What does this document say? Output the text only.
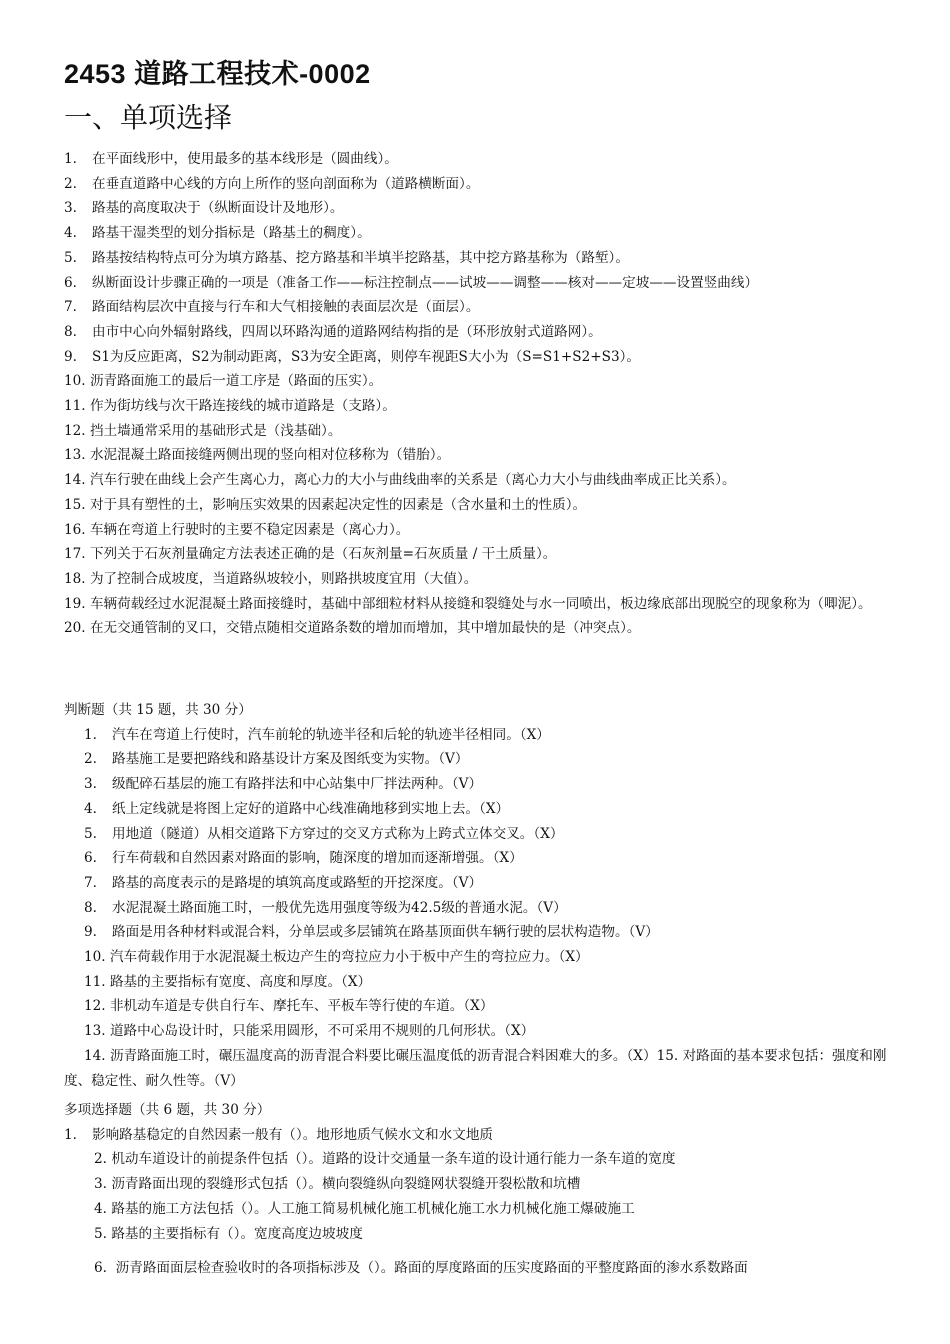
2453 道路工程技术-0002
一、单项选择
1. 在平面线形中，使用最多的基本线形是（圆曲线）。
2. 在垂直道路中心线的方向上所作的竖向剖面称为（道路横断面）。
3. 路基的高度取决于（纵断面设计及地形）。
4. 路基干湿类型的划分指标是（路基土的稠度）。
5. 路基按结构特点可分为填方路基、挖方路基和半填半挖路基，其中挖方路基称为（路堑）。
6. 纵断面设计步骤正确的一项是（准备工作——标注控制点——试坡——调整——核对——定坡——设置竖曲线）
7. 路面结构层次中直接与行车和大气相接触的表面层次是（面层）。
8. 由市中心向外辐射路线，四周以环路沟通的道路网结构指的是（环形放射式道路网）。
9. S1为反应距离，S2为制动距离，S3为安全距离，则停车视距S大小为（S=S1+S2+S3）。
10. 沥青路面施工的最后一道工序是（路面的压实）。
11. 作为街坊线与次干路连接线的城市道路是（支路）。
12. 挡土墙通常采用的基础形式是（浅基础）。
13. 水泥混凝土路面接缝两侧出现的竖向相对位移称为（错胎）。
14. 汽车行驶在曲线上会产生离心力，离心力的大小与曲线曲率的关系是（离心力大小与曲线曲率成正比关系）。
15. 对于具有塑性的土，影响压实效果的因素起决定性的因素是（含水量和土的性质）。
16. 车辆在弯道上行驶时的主要不稳定因素是（离心力）。
17. 下列关于石灰剂量确定方法表述正确的是（石灰剂量=石灰质量 / 干土质量）。
18. 为了控制合成坡度，当道路纵坡较小，则路拱坡度宜用（大值）。
19. 车辆荷载经过水泥混凝土路面接缝时，基础中部细粒材料从接缝和裂缝处与水一同喷出，板边缘底部出现脱空的现象称为（唧泥）。
20. 在无交通管制的叉口，交错点随相交道路条数的增加而增加，其中增加最快的是（冲突点）。
判断题（共 15 题，共 30 分）
1. 汽车在弯道上行使时，汽车前轮的轨迹半径和后轮的轨迹半径相同。（X）
2. 路基施工是要把路线和路基设计方案及图纸变为实物。（V）
3. 级配碎石基层的施工有路拌法和中心站集中厂拌法两种。（V）
4. 纸上定线就是将图上定好的道路中心线准确地移到实地上去。（X）
5. 用地道（隧道）从相交道路下方穿过的交叉方式称为上跨式立体交叉。（X）
6. 行车荷载和自然因素对路面的影响，随深度的增加而逐渐增强。（X）
7. 路基的高度表示的是路堤的填筑高度或路堑的开挖深度。（V）
8. 水泥混凝土路面施工时，一般优先选用强度等级为42.5级的普通水泥。（V）
9. 路面是用各种材料或混合料，分单层或多层铺筑在路基顶面供车辆行驶的层状构造物。（V）
10. 汽车荷载作用于水泥混凝土板边产生的弯拉应力小于板中产生的弯拉应力。（X）
11. 路基的主要指标有宽度、高度和厚度。（X）
12. 非机动车道是专供自行车、摩托车、平板车等行使的车道。（X）
13. 道路中心岛设计时，只能采用圆形，不可采用不规则的几何形状。（X）
14. 沥青路面施工时，碾压温度高的沥青混合料要比碾压温度低的沥青混合料困难大的多。（X）15. 对路面的基本要求包括：强度和刚度、稳定性、耐久性等。（V）
多项选择题（共 6 题，共 30 分）
1. 影响路基稳定的自然因素一般有（）。地形地质气候水文和水文地质
2. 机动车道设计的前提条件包括（）。道路的设计交通量一条车道的设计通行能力一条车道的宽度
3. 沥青路面出现的裂缝形式包括（）。横向裂缝纵向裂缝网状裂缝开裂松散和坑槽
4. 路基的施工方法包括（）。人工施工简易机械化施工机械化施工水力机械化施工爆破施工
5. 路基的主要指标有（）。宽度高度边坡坡度
6. 沥青路面面层检查验收时的各项指标涉及（）。路面的厚度路面的压实度路面的平整度路面的渗水系数路面
